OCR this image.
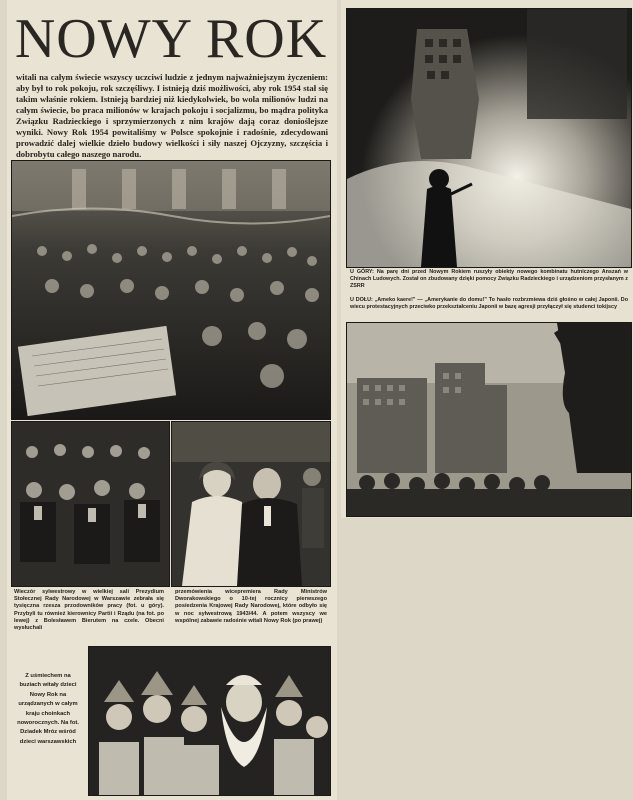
NOWY ROK

witali na całym świecie wszyscy uczciwi ludzie z jednym najważniejszym życzeniem: aby był to rok pokoju, rok szczęśliwy. I istnieją dziś możliwości, aby rok 1954 stał się takim właśnie rokiem. Istnieją bardziej niż kiedykolwiek, bo wola milionów ludzi na całym świecie, bo praca milionów w krajach pokoju i socjalizmu, bo mądra polityka Związku Radzieckiego i sprzymierzonych z nim krajów dają coraz donioślejsze wyniki. Nowy Rok 1954 powitaliśmy w Polsce spokojnie i radośnie, zdecydowani prowadzić dalej wielkie dzieło budowy wielkości i siły naszej Ojczyzny, szczęścia i dobrobytu całego naszego narodu.

Wieczór sylwestrowy w wielkiej sali Prezydium Stołecznej Rady Narodowej w Warszawie zebrała się tysięczna rzesza przodowników pracy (fot. u góry). Przybyli tu również kierownicy Partii i Rządu (na fot. po lewej) z Bolesławem Bierutem na czele. Obecni wysłuchali

przemówienia wicepremiera Rady Ministrów Dworakowskiego o 10-tej rocznicy pierwszego posiedzenia Krajowej Rady Narodowej, które odbyło się w noc sylwestrową 1943/44. A potem wszyscy we wspólnej zabawie radośnie witali Nowy Rok (po prawej)

Z uśmiechem na buziach witały dzieci Nowy Rok na urządzanych w całym kraju choinkach noworocznych. Na fot. Dziadek Mróz wśród dzieci warszawskich

U GÓRY: Na parę dni przed Nowym Rokiem ruszyły obiekty nowego kombinatu hutniczego Anszań w Chinach Ludowych. Został on zbudowany dzięki pomocy Związku Radzieckiego i urządzeniom przysłanym z ZSRR

U DOŁU: „Ameko kaere!" — „Amerykanie do domu!" To hasło rozbrzmiewa dziś głośno w całej Japonii. Do wiecu protestacyjnych przeciwko przekształceniu Japonii w bazę agresji przyłączył się studenci tokijscy
